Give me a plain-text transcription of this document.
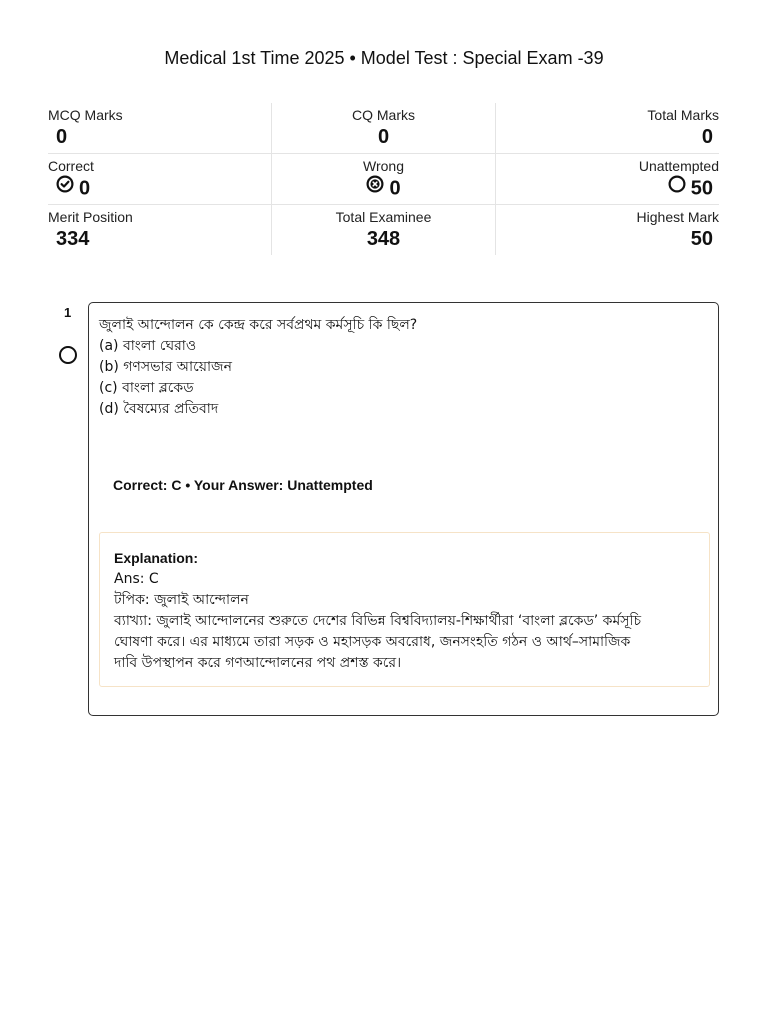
Medical 1st Time 2025 • Model Test : Special Exam -39
MCQ Marks
0
CQ Marks
0
Total Marks
0
Correct
0
Wrong
0
Unattempted
50
Merit Position
334
Total Examinee
348
Highest Mark
50
1
জুলাই আন্দোলন কে কেন্দ্র করে সর্বপ্রথম কর্মসূচি কি ছিল?
(a) বাংলা ঘেরাও
(b) গণসভার আয়োজন
(c) বাংলা ব্লকেড
(d) বৈষম্যের প্রতিবাদ
Correct: C • Your Answer: Unattempted
Explanation:
Ans: C
টপিক: জুলাই আন্দোলন
ব্যাখ্যা: জুলাই আন্দোলনের শুরুতে দেশের বিভিন্ন বিশ্ববিদ্যালয়-শিক্ষার্থীরা ‘বাংলা ব্লকেড’ কর্মসূচি
ঘোষণা করে। এর মাধ্যমে তারা সড়ক ও মহাসড়ক অবরোধ, জনসংহতি গঠন ও আর্থ–সামাজিক
দাবি উপস্থাপন করে গণআন্দোলনের পথ প্রশস্ত করে।
